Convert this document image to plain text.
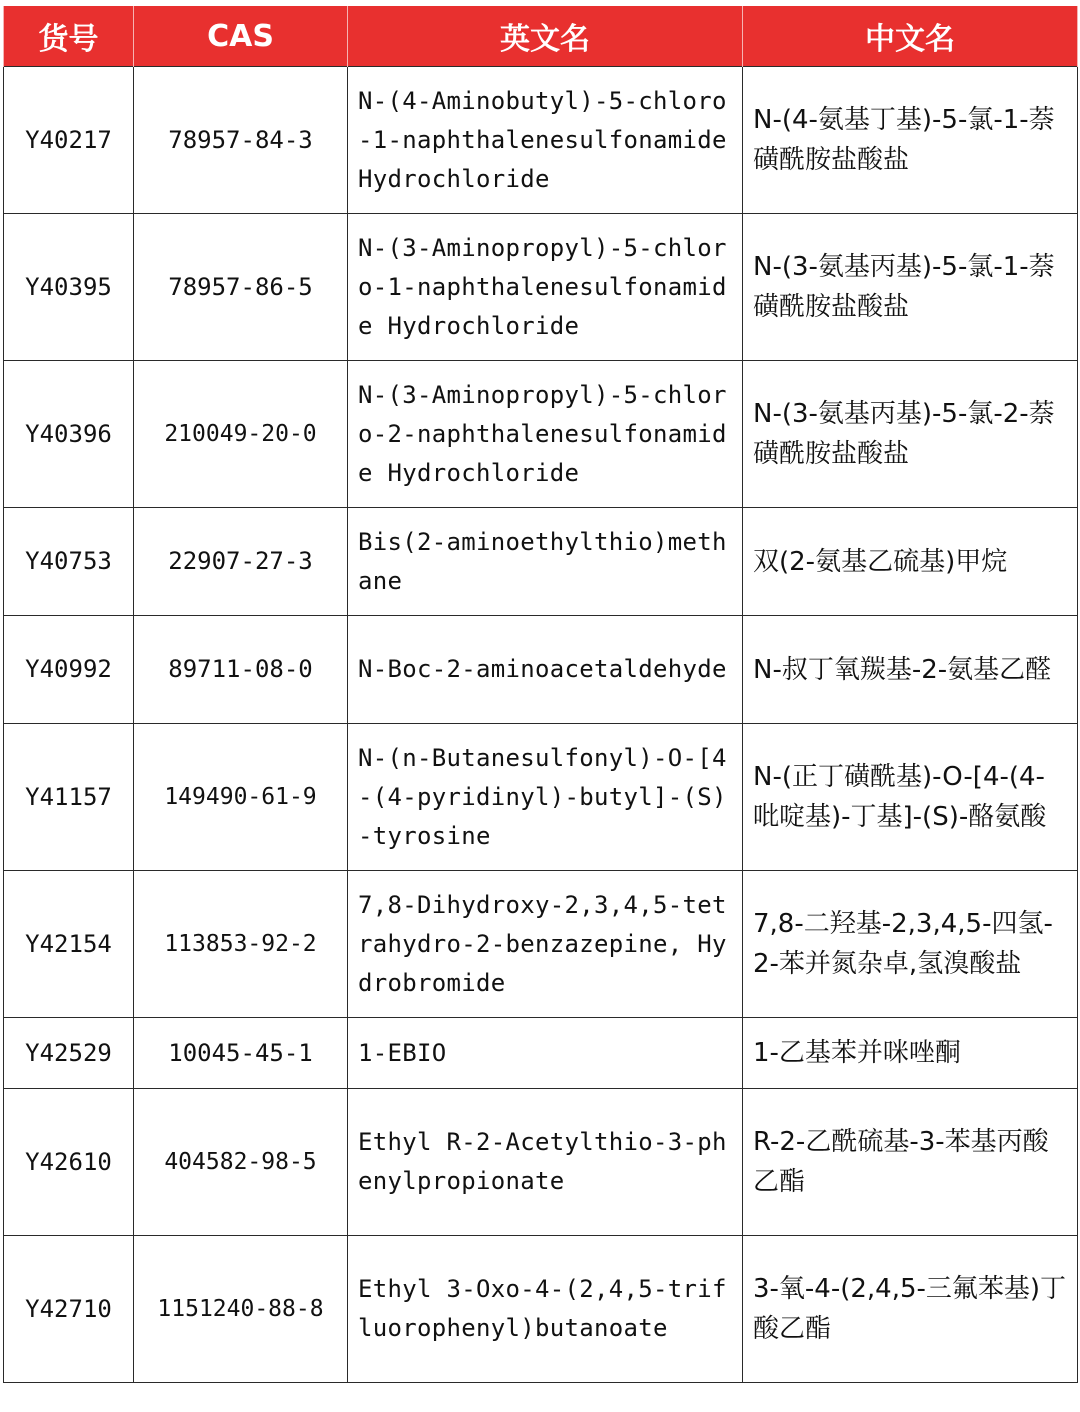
货号	CAS	英文名	中文名
Y40217	78957-84-3	N-(4-Aminobutyl)-5-chloro-1-naphthalenesulfonamide Hydrochloride	N-(4-氨基丁基)-5-氯-1-萘磺酰胺盐酸盐
Y40395	78957-86-5	N-(3-Aminopropyl)-5-chloro-1-naphthalenesulfonamide Hydrochloride	N-(3-氨基丙基)-5-氯-1-萘磺酰胺盐酸盐
Y40396	210049-20-0	N-(3-Aminopropyl)-5-chloro-2-naphthalenesulfonamide Hydrochloride	N-(3-氨基丙基)-5-氯-2-萘磺酰胺盐酸盐
Y40753	22907-27-3	Bis(2-aminoethylthio)methane	双(2-氨基乙硫基)甲烷
Y40992	89711-08-0	N-Boc-2-aminoacetaldehyde	N-叔丁氧羰基-2-氨基乙醛
Y41157	149490-61-9	N-(n-Butanesulfonyl)-O-[4-(4-pyridinyl)-butyl]-(S)-tyrosine	N-(正丁磺酰基)-O-[4-(4-吡啶基)-丁基]-(S)-酪氨酸
Y42154	113853-92-2	7,8-Dihydroxy-2,3,4,5-tetrahydro-2-benzazepine, Hydrobromide	7,8-二羟基-2,3,4,5-四氢-2-苯并氮杂卓,氢溴酸盐
Y42529	10045-45-1	1-EBIO	1-乙基苯并咪唑酮
Y42610	404582-98-5	Ethyl R-2-Acetylthio-3-phenylpropionate	R-2-乙酰硫基-3-苯基丙酸乙酯
Y42710	1151240-88-8	Ethyl 3-Oxo-4-(2,4,5-trifluorophenyl)butanoate	3-氧-4-(2,4,5-三氟苯基)丁酸乙酯
